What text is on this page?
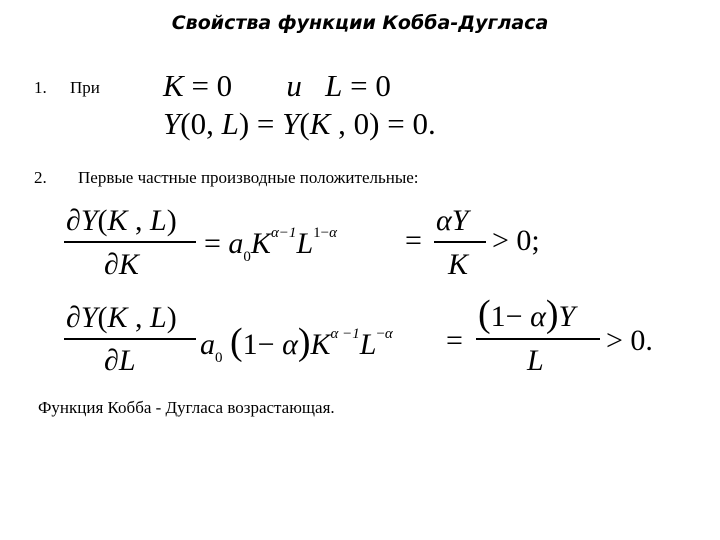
Свойства функции Кобба-Дугласа
1. При K = 0       u L = 0
Y(0, L) = Y(K , 0) = 0.
2. Первые частные производные положительные:
∂Y(K , L)
∂K
= $a_0K^{\alpha-1}L^{1-\alpha}$ =
αY
K
> 0;
∂Y(K , L)
∂L $a_0$ $(1- \alpha)K^{\alpha -1}L^{-\alpha}$ =
(1− α)Y
L
> 0.
Функция Кобба - Дугласа возрастающая.
